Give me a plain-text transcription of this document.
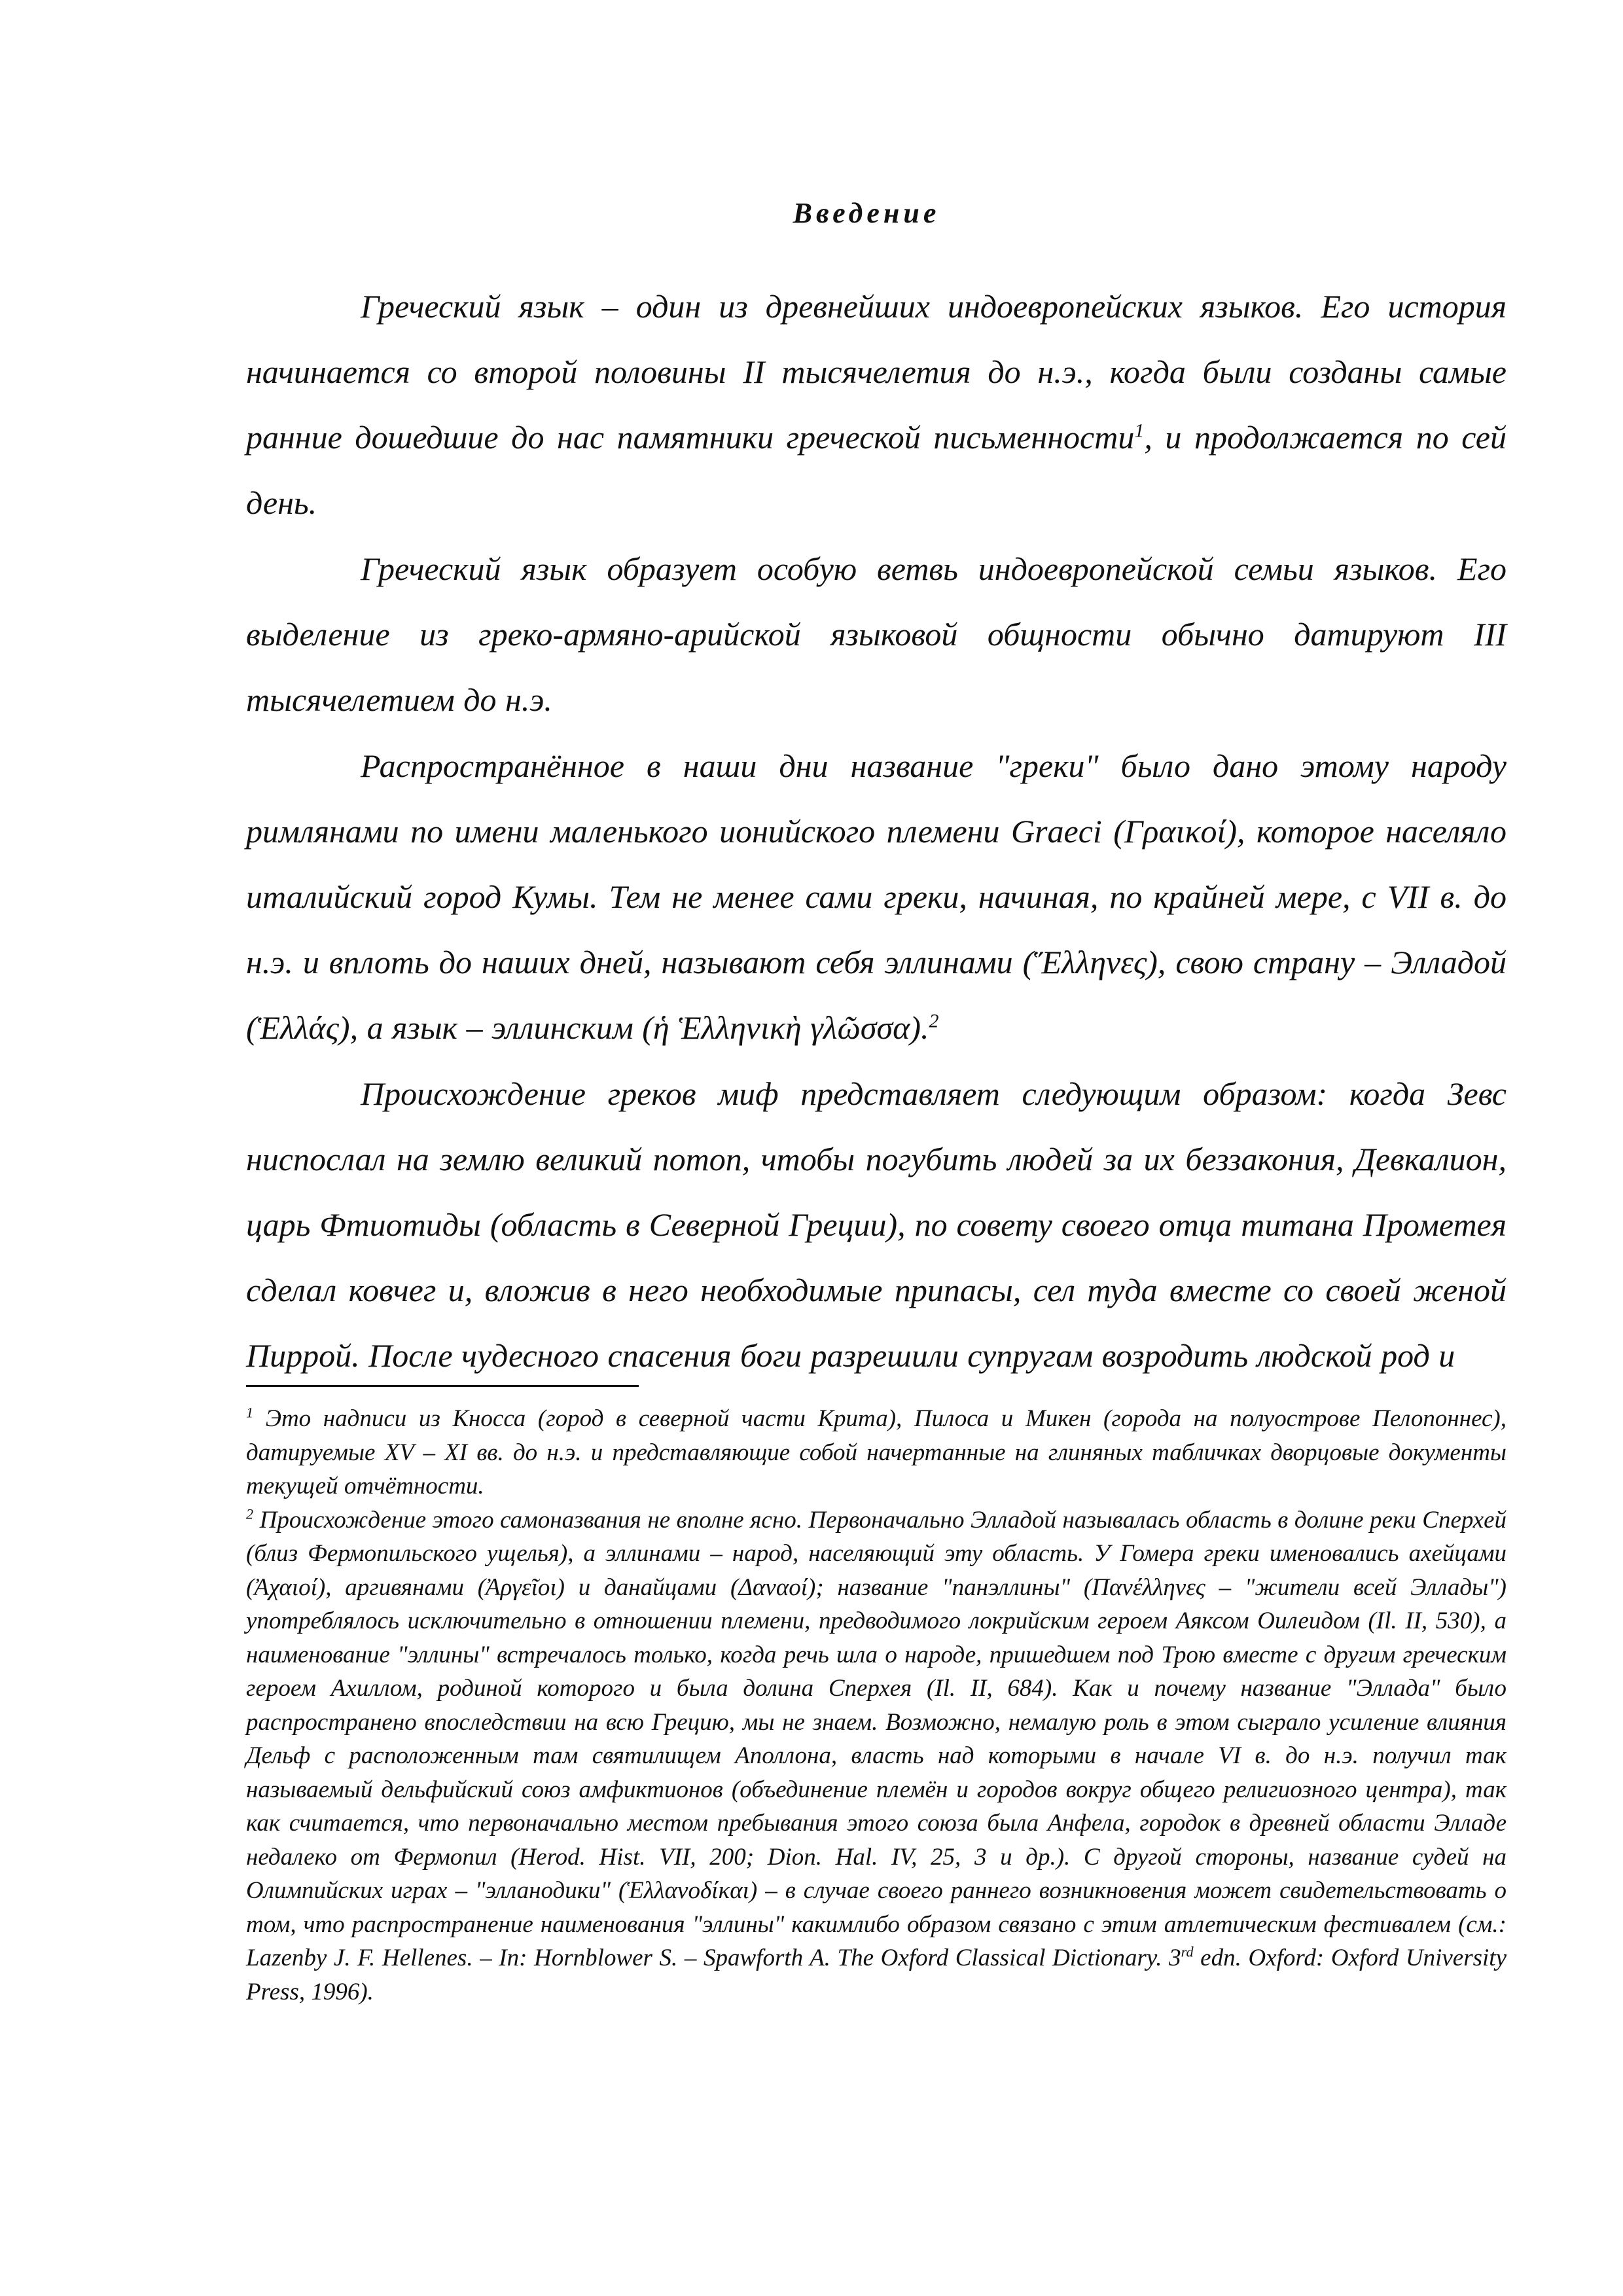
Введение

Греческий язык – один из древнейших индоевропейских языков. Его история начинается со второй половины II тысячелетия до н.э., когда были созданы самые ранние дошедшие до нас памятники греческой письменности$^1$, и продолжается по сей день.

Греческий язык образует особую ветвь индоевропейской семьи языков. Его выделение из греко-армяно-арийской языковой общности обычно датируют III тысячелетием до н.э.

Распространённое в наши дни название "греки" было дано этому народу римлянами по имени маленького ионийского племени Graeci (Γραικοί), которое населяло италийский город Кумы. Тем не менее сами греки, начиная, по крайней мере, с VII в. до н.э. и вплоть до наших дней, называют себя эллинами (Ἕλληνες), свою страну – Элладой (Ἑλλάς), а язык – эллинским (ἡ Ἑλληνικὴ γλῶσσα).$^2$

Происхождение греков миф представляет следующим образом: когда Зевс ниспослал на землю великий потоп, чтобы погубить людей за их беззакония, Девкалион, царь Фтиотиды (область в Северной Греции), по совету своего отца титана Прометея сделал ковчег и, вложив в него необходимые припасы, сел туда вместе со своей женой Пиррой. После чудесного спасения боги разрешили супругам возродить людской род и

$^1$ Это надписи из Кносса (город в северной части Крита), Пилоса и Микен (города на полуострове Пелопоннес), датируемые XV – XI вв. до н.э. и представляющие собой начертанные на глиняных табличках дворцовые документы текущей отчётности.

$^2$ Происхождение этого самоназвания не вполне ясно. Первоначально Элладой называлась область в долине реки Сперхей (близ Фермопильского ущелья), а эллинами – народ, населяющий эту область. У Гомера греки именовались ахейцами (Ἀχαιοί), аргивянами (Ἀργεῖοι) и данайцами (Δαναοί); название "панэллины" (Πανέλληνες – "жители всей Эллады") употреблялось исключительно в отношении племени, предводимого локрийским героем Аяксом Оилеидом (Il. II, 530), а наименование "эллины" встречалось только, когда речь шла о народе, пришедшем под Трою вместе с другим греческим героем Ахиллом, родиной которого и была долина Сперхея (Il. II, 684). Как и почему название "Эллада" было распространено впоследствии на всю Грецию, мы не знаем. Возможно, немалую роль в этом сыграло усиление влияния Дельф с расположенным там святилищем Аполлона, власть над которыми в начале VI в. до н.э. получил так называемый дельфийский союз амфиктионов (объединение племён и городов вокруг общего религиозного центра), так как считается, что первоначально местом пребывания этого союза была Анфела, городок в древней области Элладе недалеко от Фермопил (Herod. Hist. VII, 200; Dion. Hal. IV, 25, 3 и др.). С другой стороны, название судей на Олимпийских играх – "элланодики" (Ἑλλανοδίκαι) – в случае своего раннего возникновения может свидетельствовать о том, что распространение наименования "эллины" какимлибо образом связано с этим атлетическим фестивалем (см.: Lazenby J. F. Hellenes. – In: Hornblower S. – Spawforth A. The Oxford Classical Dictionary. 3rd edn. Oxford: Oxford University Press, 1996).
